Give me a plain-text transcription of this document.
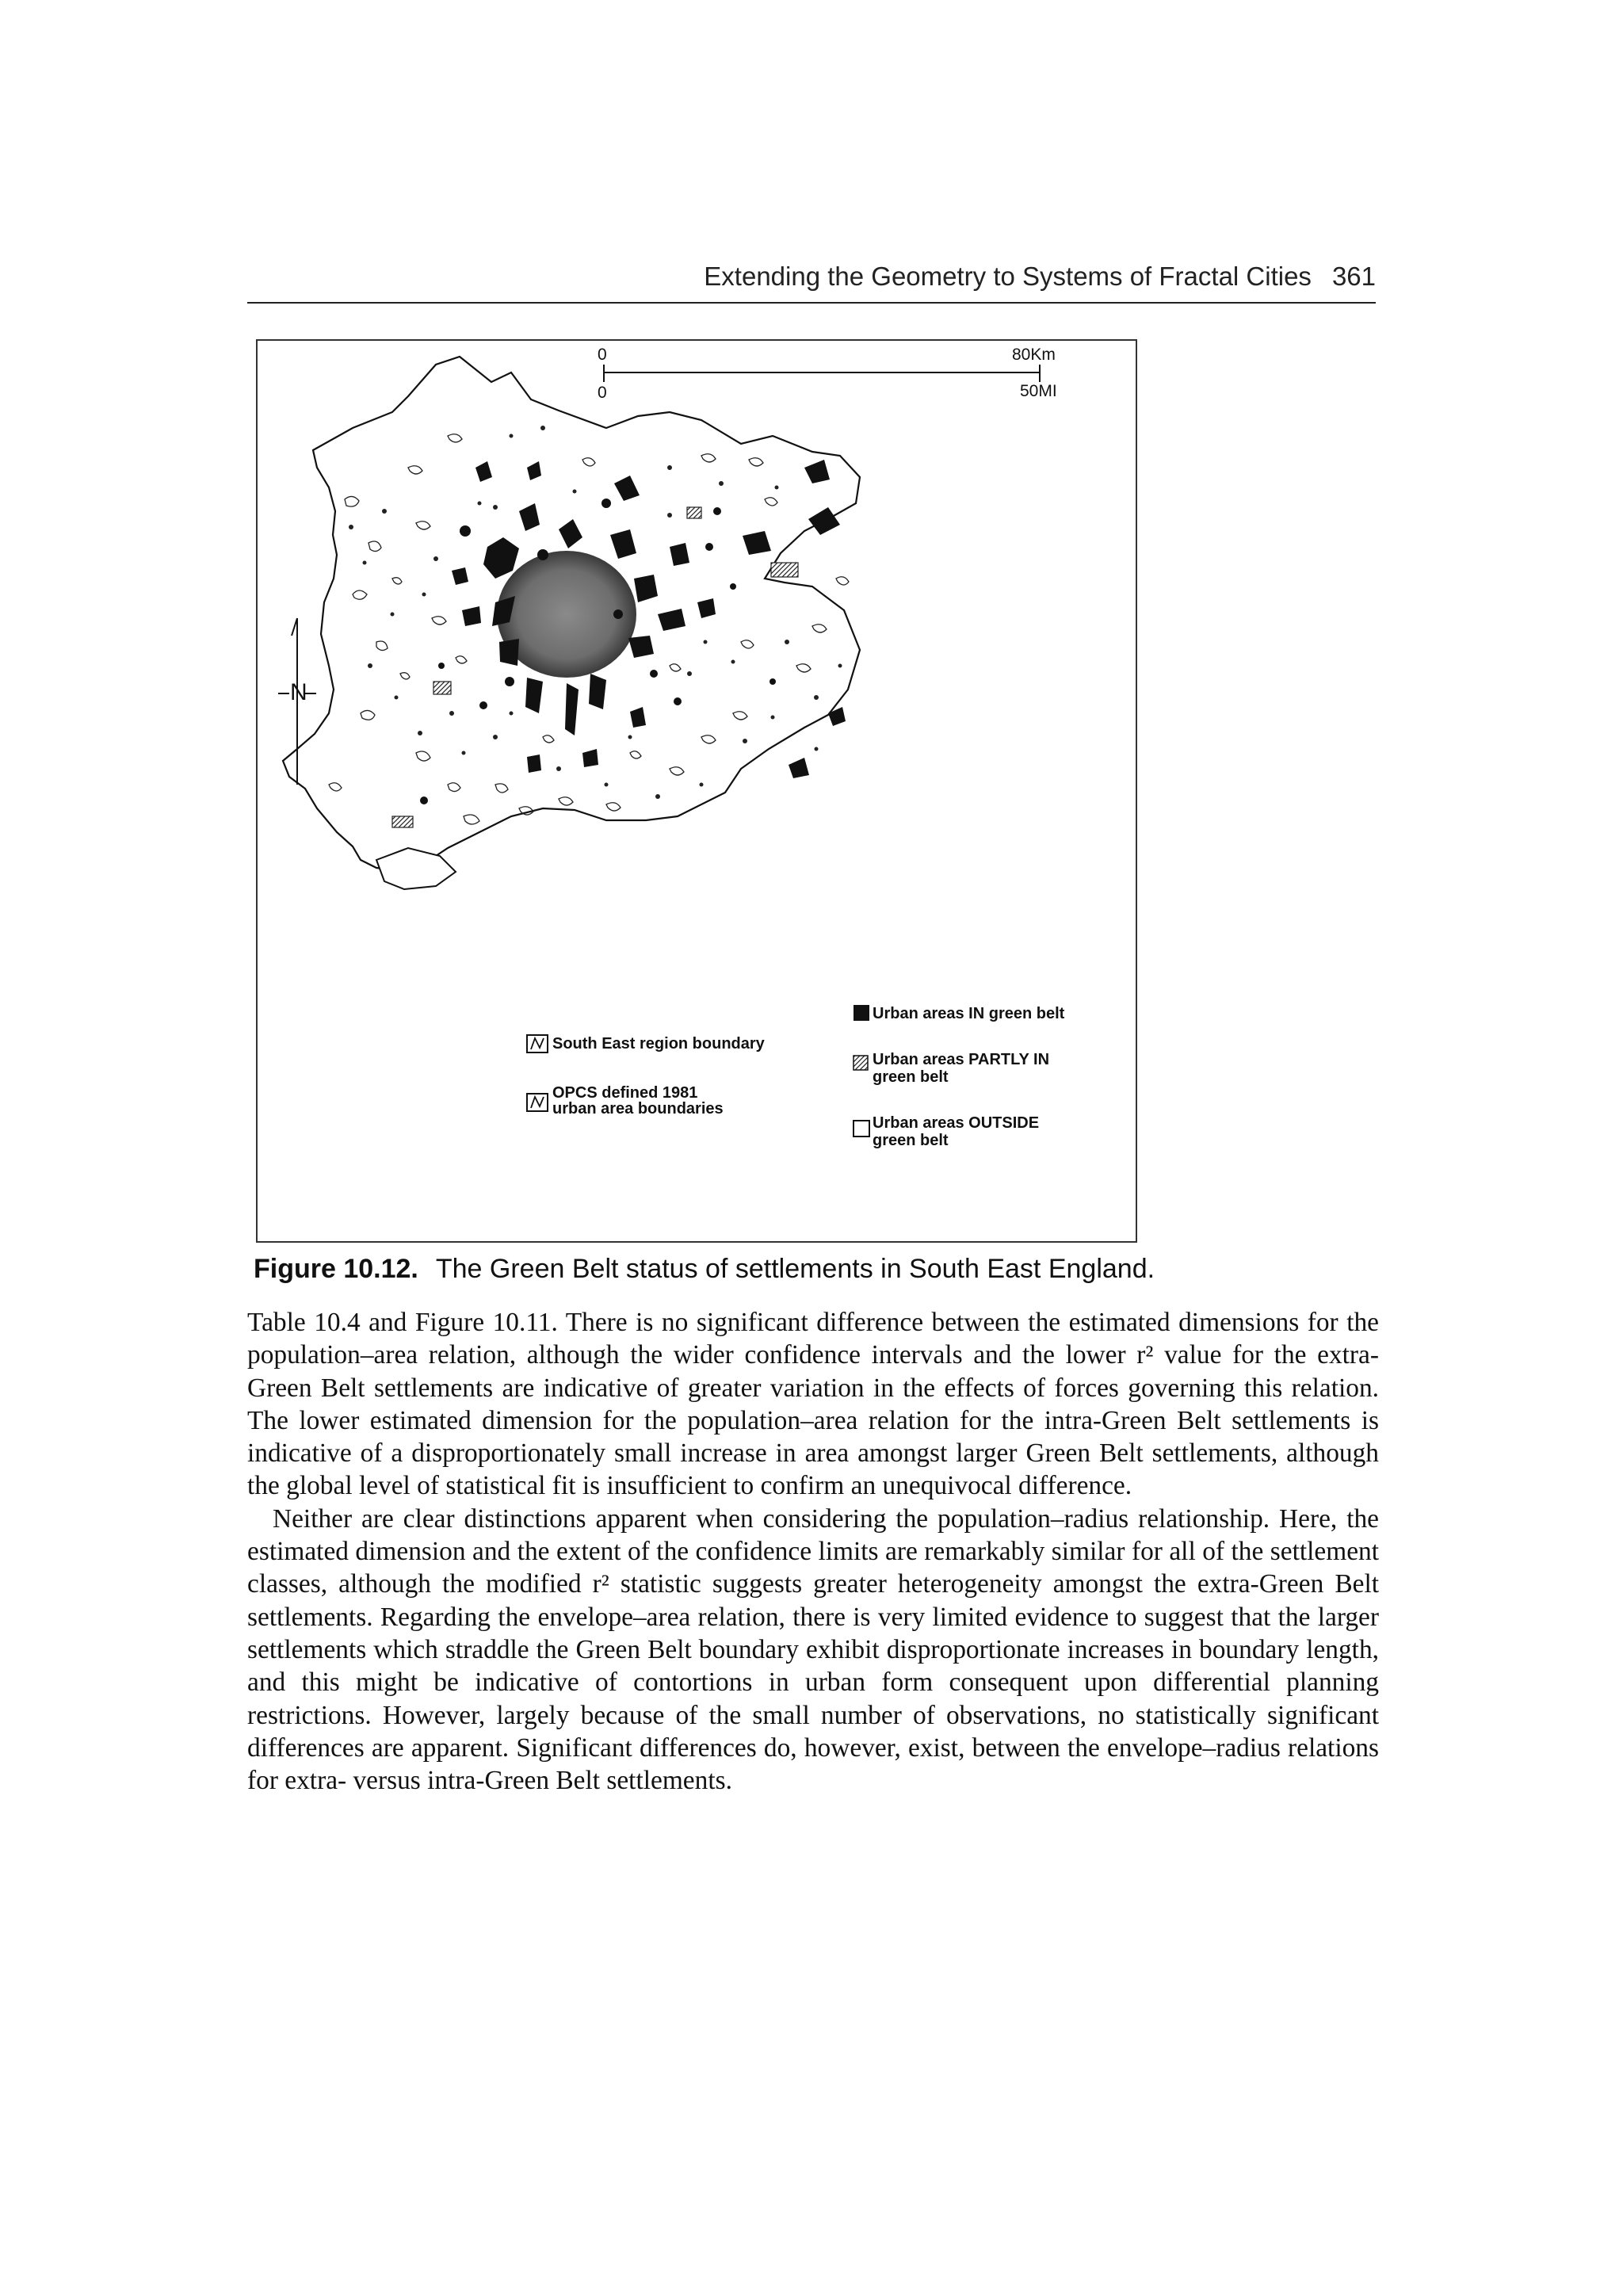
Extending the Geometry to Systems of Fractal Cities 361
0
0
80Km
50MI
N
South East region boundary
OPCS defined 1981
urban area boundaries
Urban areas IN green belt
Urban areas PARTLY IN
green belt
Urban areas OUTSIDE
green belt
Figure 10.12. The Green Belt status of settlements in South East England.

Table 10.4 and Figure 10.11. There is no significant difference between the estimated dimensions for the population–area relation, although the wider confidence intervals and the lower r² value for the extra-Green Belt settlements are indicative of greater variation in the effects of forces governing this relation. The lower estimated dimension for the population–area relation for the intra-Green Belt settlements is indicative of a disproportionately small increase in area amongst larger Green Belt settlements, although the global level of statistical fit is insufficient to confirm an unequivocal difference.

Neither are clear distinctions apparent when considering the population–radius relationship. Here, the estimated dimension and the extent of the confidence limits are remarkably similar for all of the settlement classes, although the modified r² statistic suggests greater heterogeneity amongst the extra-Green Belt settlements. Regarding the envelope–area relation, there is very limited evidence to suggest that the larger settlements which straddle the Green Belt boundary exhibit disproportionate increases in boundary length, and this might be indicative of contortions in urban form consequent upon differential planning restrictions. However, largely because of the small number of observations, no statistically significant differences are apparent. Significant differences do, however, exist, between the envelope–radius relations for extra- versus intra-Green Belt settlements.
